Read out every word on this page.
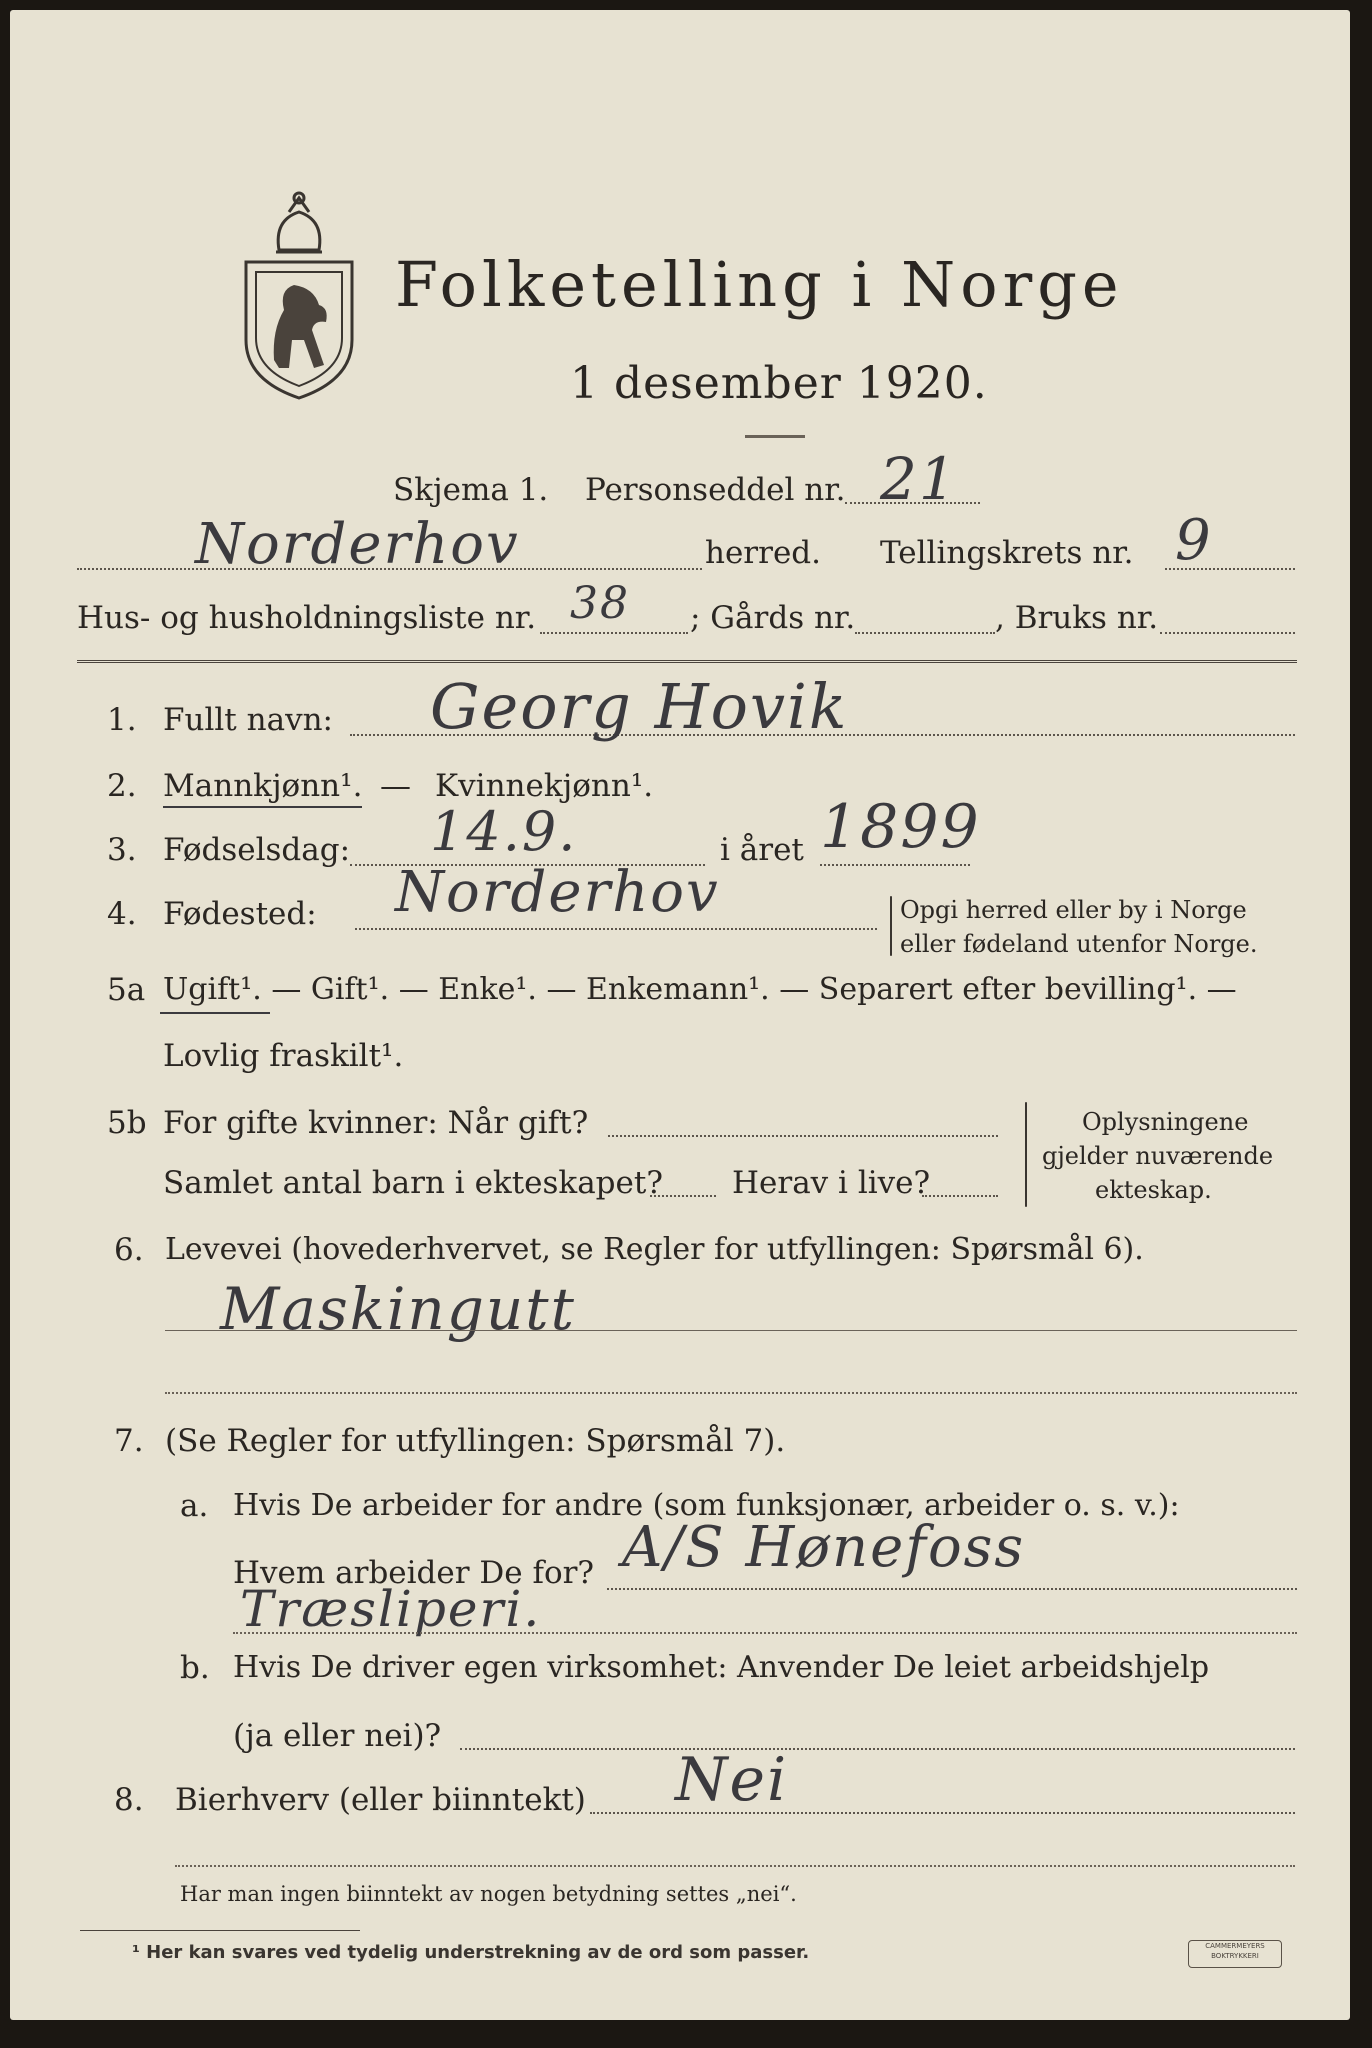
Folketelling i Norge
1 desember 1920.
Skjema 1. Personseddel nr. 21
Norderhov	herred. Tellingskrets nr. 9
Hus- og husholdningsliste nr. 38 ; Gårds nr.	, Bruks nr.
1. Fullt navn: Georg Hovik
2. Mannkjønn¹. — Kvinnekjønn¹.
3. Fødselsdag: 14.9.	i året 1899
4. Fødested: Norderhov	Opgi herred eller by i Norge
eller fødeland utenfor Norge.
5a Ugift¹. — Gift¹. — Enke¹. — Enkemann¹. — Separert efter bevilling¹. —
Lovlig fraskilt¹.
5b For gifte kvinner: Når gift?
Samlet antal barn i ekteskapet? Herav i live?
Oplysningene
gjelder nuværende
ekteskap.
6. Levevei (hovederhvervet, se Regler for utfyllingen: Spørsmål 6).
Maskingutt
7. (Se Regler for utfyllingen: Spørsmål 7).
a. Hvis De arbeider for andre (som funksjonær, arbeider o. s. v.):
Hvem arbeider De for? A/S Hønefoss
Træsliperi.
b. Hvis De driver egen virksomhet: Anvender De leiet arbeidshjelp
(ja eller nei)?
8. Bierhverv (eller biinntekt) Nei
Har man ingen biinntekt av nogen betydning settes „nei“.
¹ Her kan svares ved tydelig understrekning av de ord som passer.	CAMMERMEYERS
BOKTRYKKERI
